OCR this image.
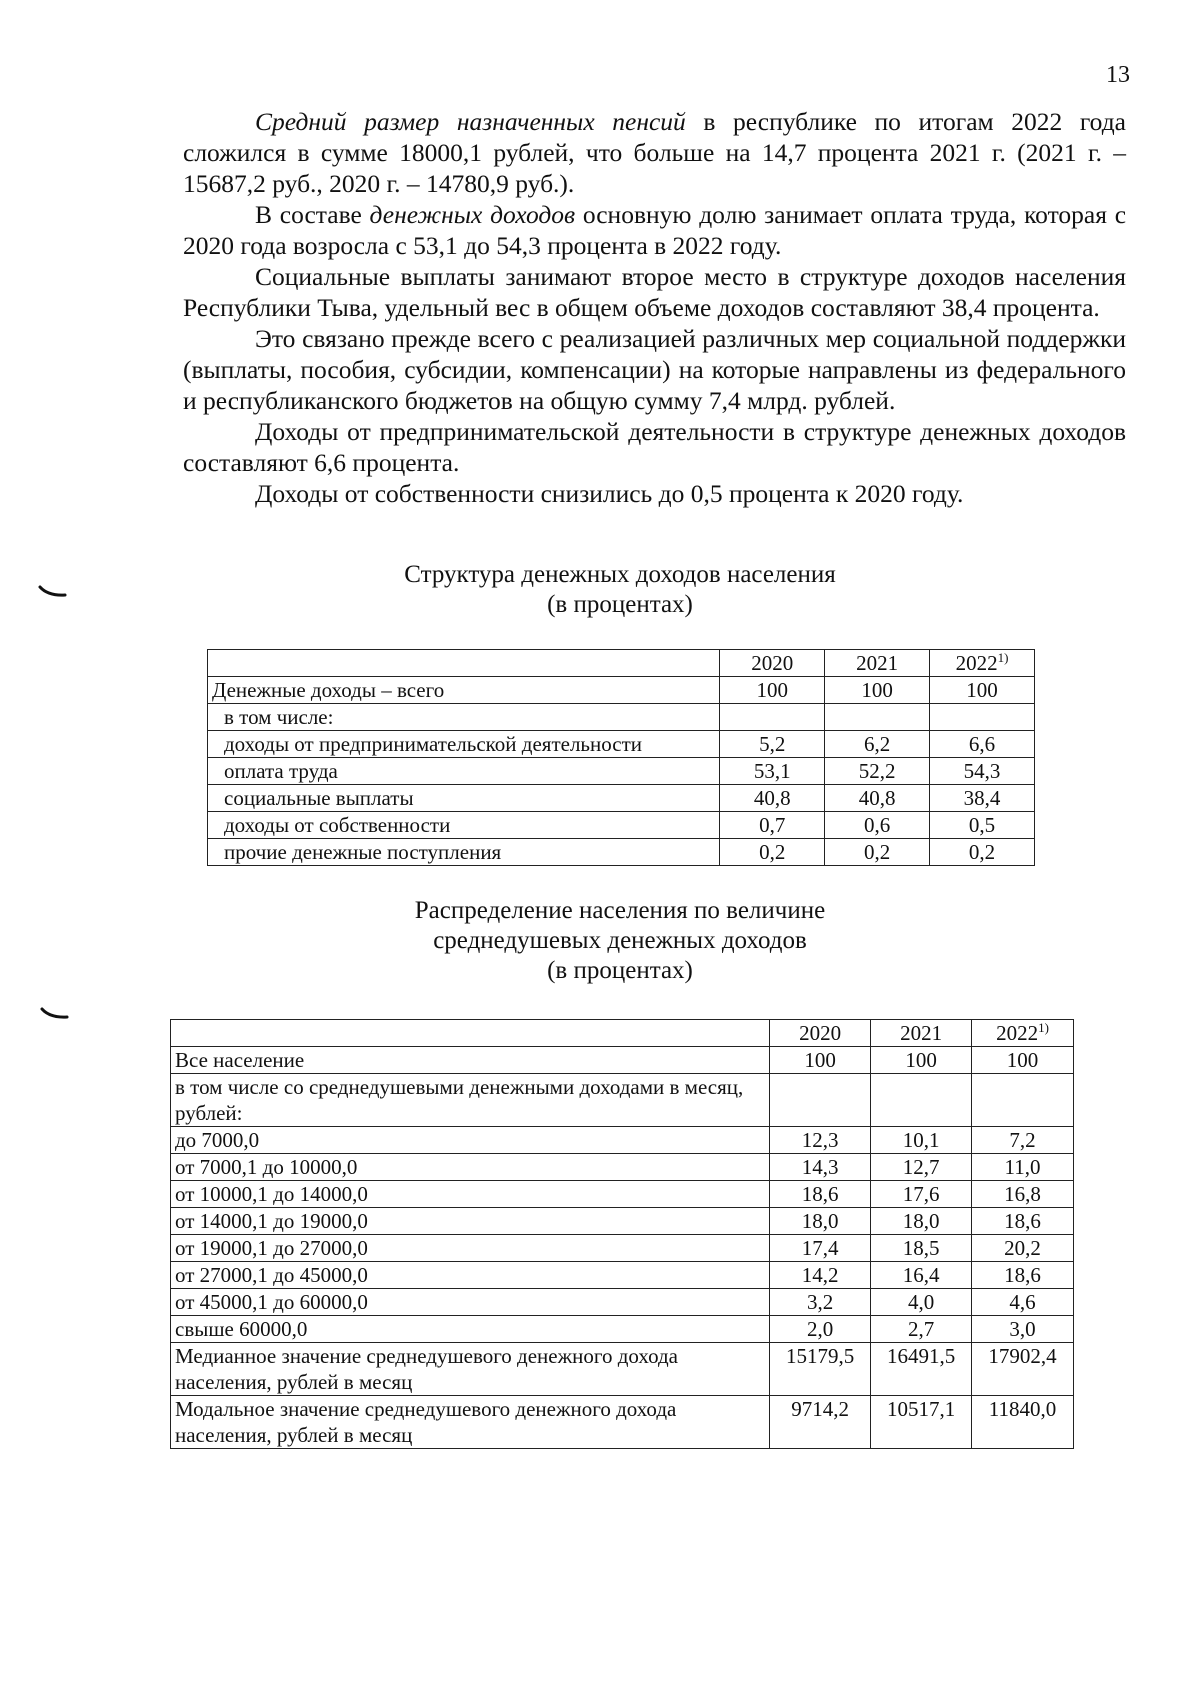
13

Средний размер назначенных пенсий в республике по итогам 2022 года сложился в сумме 18000,1 рублей, что больше на 14,7 процента 2021 г. (2021 г. – 15687,2 руб., 2020 г. – 14780,9 руб.).

В составе денежных доходов основную долю занимает оплата труда, которая с 2020 года возросла с 53,1 до 54,3 процента в 2022 году.

Социальные выплаты занимают второе место в структуре доходов населения Республики Тыва, удельный вес в общем объеме доходов составляют 38,4 процента.

Это связано прежде всего с реализацией различных мер социальной поддержки (выплаты, пособия, субсидии, компенсации) на которые направлены из федерального и республиканского бюджетов на общую сумму 7,4 млрд. рублей.

Доходы от предпринимательской деятельности в структуре денежных доходов составляют 6,6 процента.

Доходы от собственности снизились до 0,5 процента к 2020 году.

Структура денежных доходов населения
(в процентах)
	2020	2021	2022$^{1)}$
Денежные доходы – всего	100	100	100
в том числе:			
доходы от предпринимательской деятельности	5,2	6,2	6,6
оплата труда	53,1	52,2	54,3
социальные выплаты	40,8	40,8	38,4
доходы от собственности	0,7	0,6	0,5
прочие денежные поступления	0,2	0,2	0,2
Распределение населения по величине
среднедушевых денежных доходов
(в процентах)
	2020	2021	2022$^{1)}$
Все население	100	100	100
в том числе со среднедушевыми денежными доходами в месяц, рублей:			
до 7000,0	12,3	10,1	7,2
от 7000,1 до 10000,0	14,3	12,7	11,0
от 10000,1 до 14000,0	18,6	17,6	16,8
от 14000,1 до 19000,0	18,0	18,0	18,6
от 19000,1 до 27000,0	17,4	18,5	20,2
от 27000,1 до 45000,0	14,2	16,4	18,6
от 45000,1 до 60000,0	3,2	4,0	4,6
свыше 60000,0	2,0	2,7	3,0
Медианное значение среднедушевого денежного дохода населения, рублей в месяц	15179,5	16491,5	17902,4
Модальное значение среднедушевого денежного дохода населения, рублей в месяц	9714,2	10517,1	11840,0
